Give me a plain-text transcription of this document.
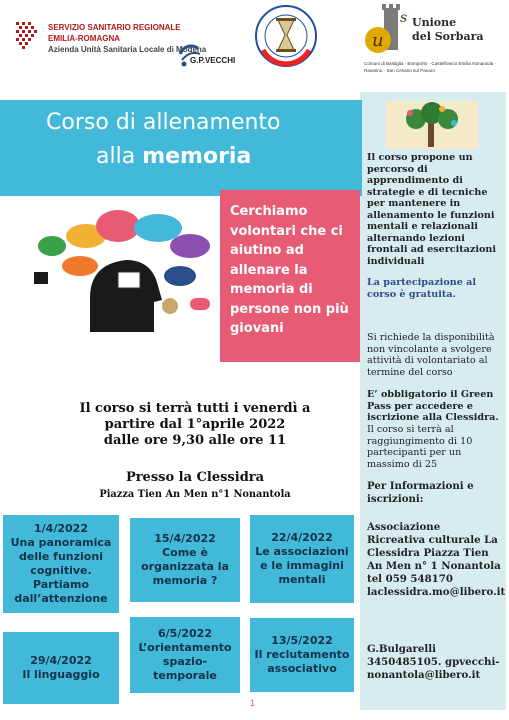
SERVIZIO SANITARIO REGIONALE
EMILIA-ROMAGNA
Azienda Unità Sanitaria Locale di Modena
G.P.VECCHI
u
s Unione
del Sorbara
Comuni di Bastiglia · Bomporto · Castelfranco Emilia Nonantola · Ravarino · San Cesario sul Panaro
Il corso propone un percorso di apprendimento di strategie e di tecniche per mantenere in allenamento le funzioni mentali e relazionali alternando lezioni frontali ad esercitazioni individuali
La partecipazione al corso è gratuita.
Si richiede la disponibilità non vincolante a svolgere attività di volontariato al termine del corso
E’ obbligatorio il Green Pass per accedere e iscrizione alla Clessidra.
Il corso si terrà al raggiungimento di 10 partecipanti per un massimo di 25
Per Informazioni e iscrizioni:
Associazione Ricreativa culturale La Clessidra Piazza Tien An Men n° 1 Nonantola tel 059 548170 laclessidra.mo@libero.it
G.Bulgarelli 3450485105. gpvecchi-nonantola@libero.it
Corso di allenamento
alla memoria
Cerchiamo volontari che ci aiutino ad allenare la memoria di persone non più giovani
Il corso si terrà tutti i venerdì a
partire dal 1°aprile 2022
dalle ore 9,30 alle ore 11
Presso la Clessidra
Piazza Tien An Men n°1 Nonantola
1/4/2022
Una panoramica delle funzioni cognitive. Partiamo dall’attenzione
15/4/2022
Come è organizzata la memoria ?
22/4/2022
Le associazioni e le immagini mentali
29/4/2022
Il linguaggio
6/5/2022
L’orientamento spazio-temporale
13/5/2022
Il reclutamento associativo
1
